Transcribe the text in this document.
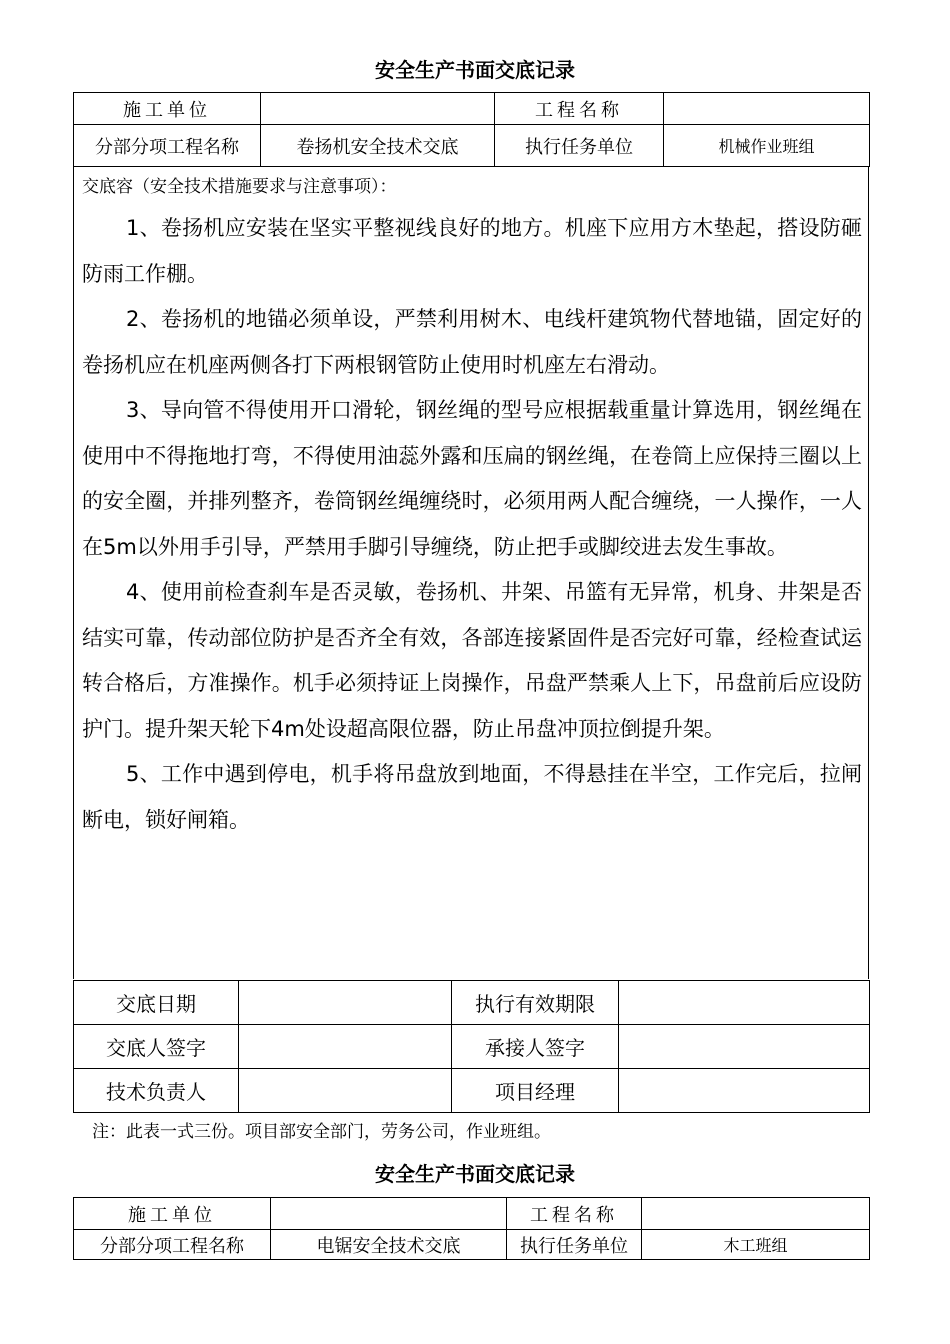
安全生产书面交底记录
施工单位		工程名称	
分部分项工程名称	卷扬机安全技术交底	执行任务单位	机械作业班组
交底容（安全技术措施要求与注意事项）：

1、卷扬机应安装在坚实平整视线良好的地方。机座下应用方木垫起，搭设防砸防雨工作棚。

2、卷扬机的地锚必须单设，严禁利用树木、电线杆建筑物代替地锚，固定好的卷扬机应在机座两侧各打下两根钢管防止使用时机座左右滑动。

3、导向管不得使用开口滑轮，钢丝绳的型号应根据载重量计算选用，钢丝绳在使用中不得拖地打弯，不得使用油蕊外露和压扁的钢丝绳，在卷筒上应保持三圈以上的安全圈，并排列整齐，卷筒钢丝绳缠绕时，必须用两人配合缠绕，一人操作，一人在5m以外用手引导，严禁用手脚引导缠绕，防止把手或脚绞进去发生事故。

4、使用前检查刹车是否灵敏，卷扬机、井架、吊篮有无异常，机身、井架是否结实可靠，传动部位防护是否齐全有效，各部连接紧固件是否完好可靠，经检查试运转合格后，方准操作。机手必须持证上岗操作，吊盘严禁乘人上下，吊盘前后应设防护门。提升架天轮下4m处设超高限位器，防止吊盘冲顶拉倒提升架。

5、工作中遇到停电，机手将吊盘放到地面，不得悬挂在半空，工作完后，拉闸断电，锁好闸箱。

交底日期		执行有效期限	
交底人签字		承接人签字	
技术负责人		项目经理	
注：此表一式三份。项目部安全部门，劳务公司，作业班组。
安全生产书面交底记录
施工单位		工程名称	
分部分项工程名称	电锯安全技术交底	执行任务单位	木工班组
